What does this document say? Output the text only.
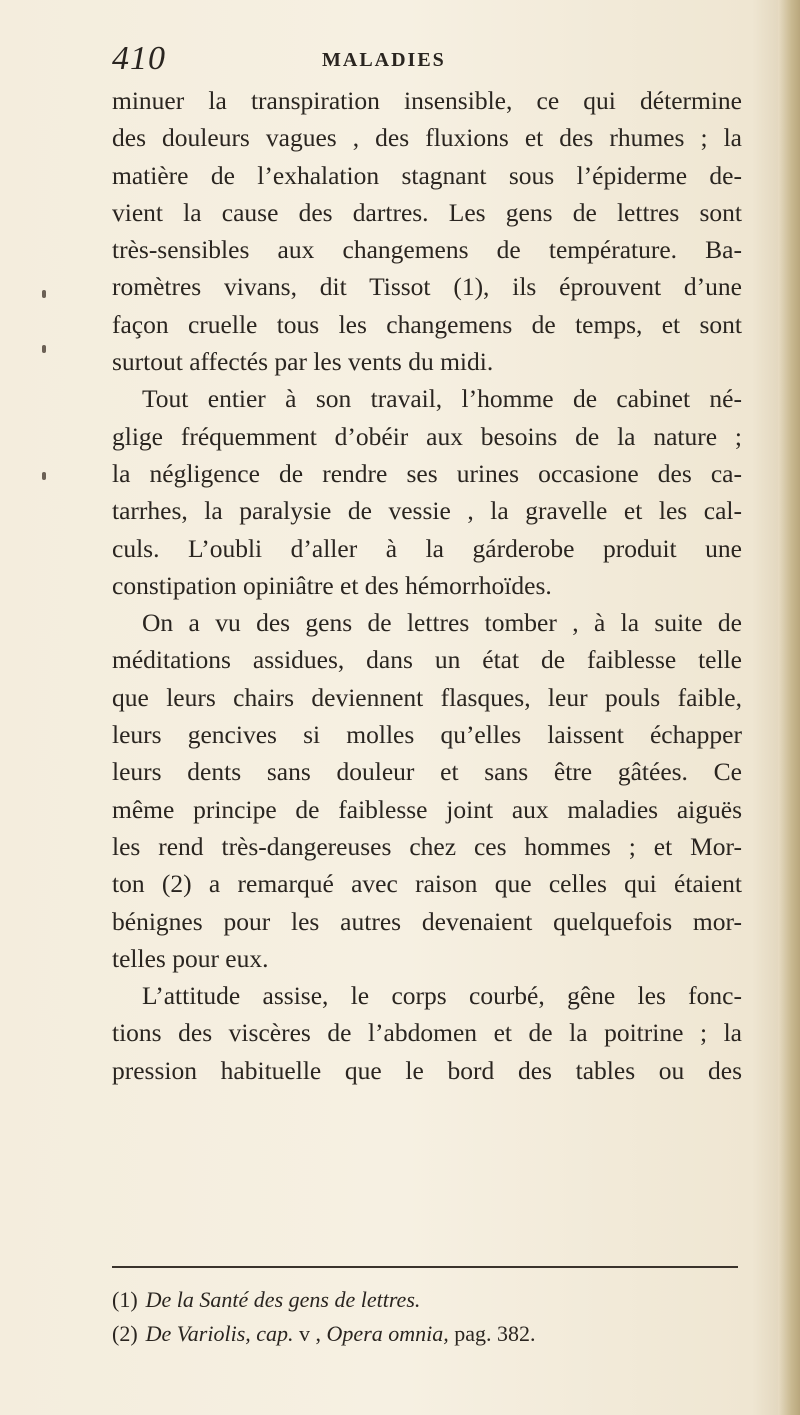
410	MALADIES
minuer la transpiration insensible, ce qui détermine
des douleurs vagues , des fluxions et des rhumes ; la
matière de l’exhalation stagnant sous l’épiderme de-
vient la cause des dartres. Les gens de lettres sont
très-sensibles aux changemens de température. Ba-
romètres vivans, dit Tissot (1), ils éprouvent d’une
façon cruelle tous les changemens de temps, et sont
surtout affectés par les vents du midi.
Tout entier à son travail, l’homme de cabinet né-
glige fréquemment d’obéir aux besoins de la nature ;
la négligence de rendre ses urines occasione des ca-
tarrhes, la paralysie de vessie , la gravelle et les cal-
culs. L’oubli d’aller à la gárderobe produit une
constipation opiniâtre et des hémorrhoïdes.
On a vu des gens de lettres tomber , à la suite de
méditations assidues, dans un état de faiblesse telle
que leurs chairs deviennent flasques, leur pouls faible,
leurs gencives si molles qu’elles laissent échapper
leurs dents sans douleur et sans être gâtées. Ce
même principe de faiblesse joint aux maladies aiguës
les rend très-dangereuses chez ces hommes ; et Mor-
ton (2) a remarqué avec raison que celles qui étaient
bénignes pour les autres devenaient quelquefois mor-
telles pour eux.
L’attitude assise, le corps courbé, gêne les fonc-
tions des viscères de l’abdomen et de la poitrine ; la
pression habituelle que le bord des tables ou des
(1) De la Santé des gens de lettres.
(2) De Variolis, cap. v , Opera omnia, pag. 382.
